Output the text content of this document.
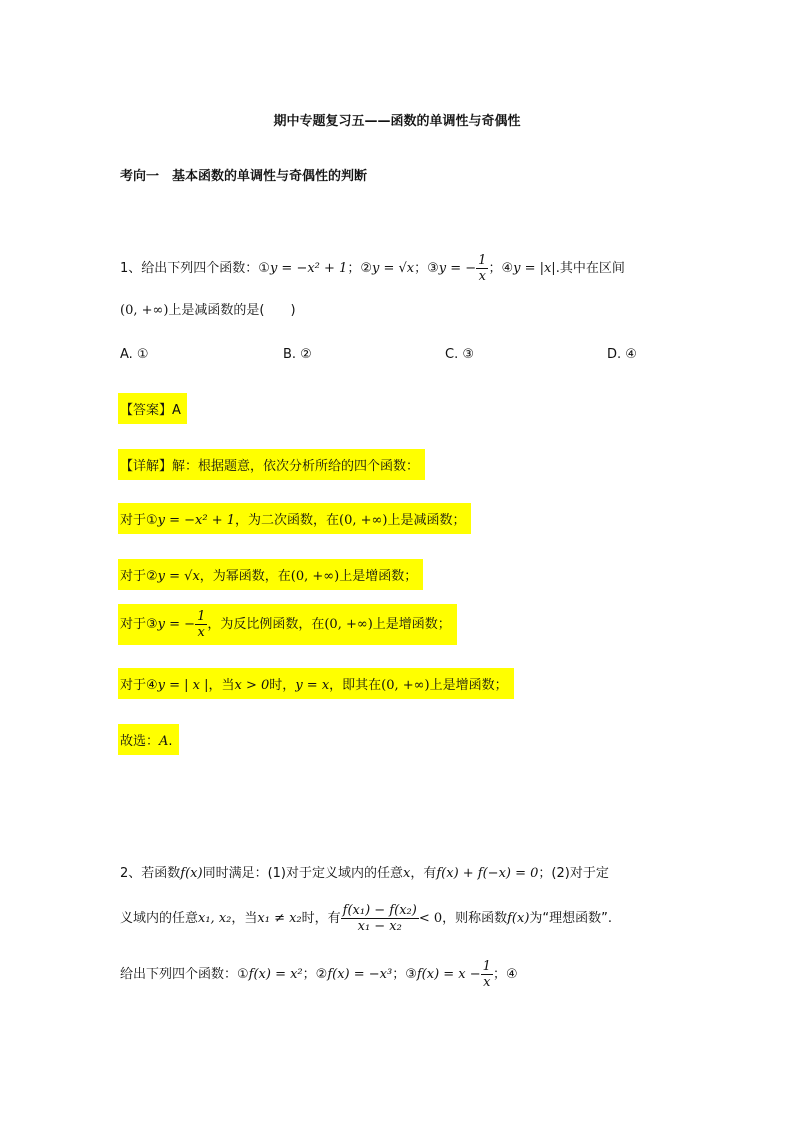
期中专题复习五——函数的单调性与奇偶性
考向一　基本函数的单调性与奇偶性的判断
1、给出下列四个函数：①y = −x² + 1；②y = √x；③y = − $\frac{1}{x}$ ；④y = |x|.其中在区间
(0, +∞)上是减函数的是(　　)
A. ①	B. ②	C. ③	D. ④
【答案】A
【详解】解：根据题意，依次分析所给的四个函数：
对于①y = −x² + 1，为二次函数，在(0, +∞)上是减函数；
对于②y = √x，为幂函数，在(0, +∞)上是增函数；
对于③y = − $\frac{1}{x}$ ，为反比例函数，在(0, +∞)上是增函数；
对于④y = | x |，当x > 0时，y = x，即其在(0, +∞)上是增函数；
故选：A.
2、若函数f(x)同时满足：(1)对于定义域内的任意x，有f(x) + f(−x) = 0；(2)对于定
义域内的任意x₁, x₂，当x₁ ≠ x₂时，有 $\frac{\text{f(x₁) − f(x₂)}}{\text{x₁ − x₂}} < 0$，则称函数f(x)为“理想函数”.
给出下列四个函数：①f(x) = x²；②f(x) = −x³；③f(x) = $x - \frac{1}{x}$ ；④
